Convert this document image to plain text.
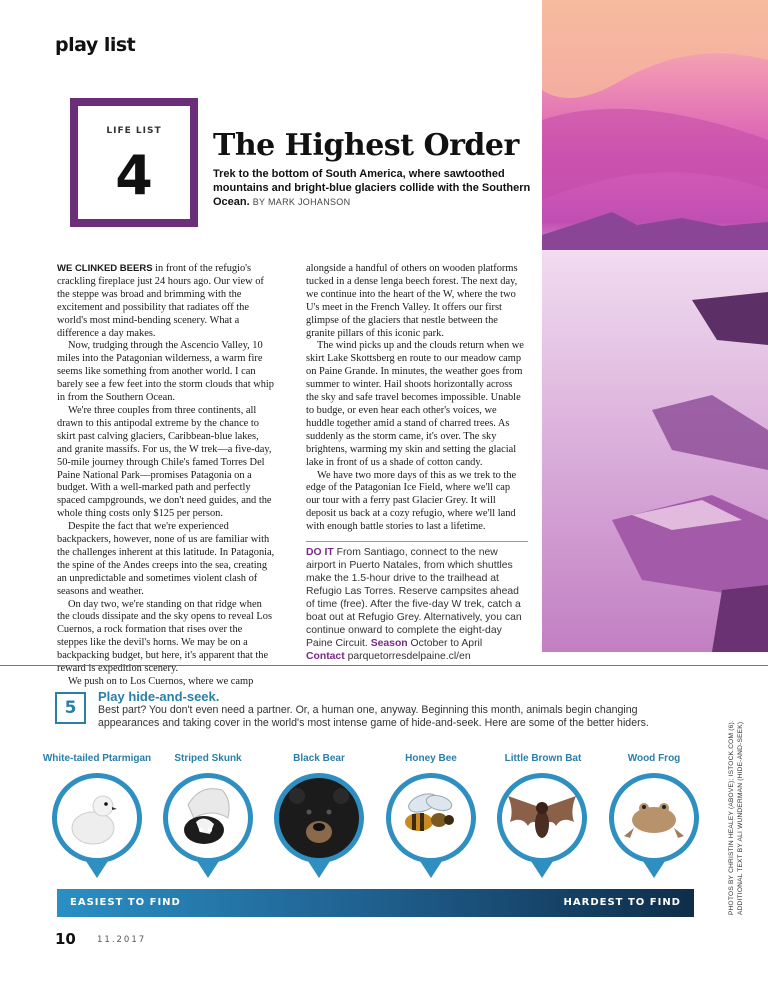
play list
LIFE LIST
4	The Highest Order
Trek to the bottom of South America, where sawtoothed mountains and bright-blue glaciers collide with the Southern Ocean. BY MARK JOHANSON

WE CLINKED BEERS in front of the refugio's crackling fireplace just 24 hours ago. Our view of the steppe was broad and brimming with the excitement and possibility that radiates off the world's most mind-bending scenery. What a difference a day makes.

Now, trudging through the Ascencio Valley, 10 miles into the Patagonian wilderness, a warm fire seems like something from another world. I can barely see a few feet into the storm clouds that whip in from the Southern Ocean.

We're three couples from three continents, all drawn to this antipodal extreme by the chance to skirt past calving glaciers, Caribbean-blue lakes, and granite massifs. For us, the W trek—a five-day, 50-mile journey through Chile's famed Torres Del Paine National Park—promises Patagonia on a budget. With a well-marked path and perfectly spaced campgrounds, we don't need guides, and the whole thing costs only $125 per person.

Despite the fact that we're experienced backpackers, however, none of us are familiar with the challenges inherent at this latitude. In Patagonia, the spine of the Andes creeps into the sea, creating an unpredictable and sometimes violent clash of seasons and weather.

On day two, we're standing on that ridge when the clouds dissipate and the sky opens to reveal Los Cuernos, a rock formation that rises over the steppes like the devil's horns. We may be on a backpacking budget, but here, it's apparent that the reward is expedition scenery.

We push on to Los Cuernos, where we camp

alongside a handful of others on wooden platforms tucked in a dense lenga beech forest. The next day, we continue into the heart of the W, where the two U's meet in the French Valley. It offers our first glimpse of the glaciers that nestle between the granite pillars of this iconic park.

The wind picks up and the clouds return when we skirt Lake Skottsberg en route to our meadow camp on Paine Grande. In minutes, the weather goes from summer to winter. Hail shoots horizontally across the sky and safe travel becomes impossible. Unable to budge, or even hear each other's voices, we huddle together amid a stand of charred trees. As suddenly as the storm came, it's over. The sky brightens, warming my skin and setting the glacial lake in front of us a shade of cotton candy.

We have two more days of this as we trek to the edge of the Patagonian Ice Field, where we'll cap our tour with a ferry past Glacier Grey. It will deposit us back at a cozy refugio, where we'll land with enough battle stories to last a lifetime.

DO IT From Santiago, connect to the new airport in Puerto Natales, from which shuttles make the 1.5-hour drive to the trailhead at Refugio Las Torres. Reserve campsites ahead of time (free). After the five-day W trek, catch a boat out at Refugio Grey. Alternatively, you can continue onward to complete the eight-day Paine Circuit. Season October to April
Contact parquetorresdelpaine.cl/en
5
Play hide-and-seek.
Best part? You don't even need a partner. Or, a human one, anyway. Beginning this month, animals begin changing appearances and taking cover in the world's most intense game of hide-and-seek. Here are some of the better hiders.
White-tailed Ptarmigan	Striped Skunk	Black Bear	Honey Bee	Little Brown Bat	Wood Frog
EASIEST TO FIND	HARDEST TO FIND
10 11.2017
PHOTOS BY CHRISTIN HEALEY (ABOVE); ISTOCK.COM (6). ADDITIONAL TEXT BY ALI WUNDERMAN (HIDE-AND-SEEK)
